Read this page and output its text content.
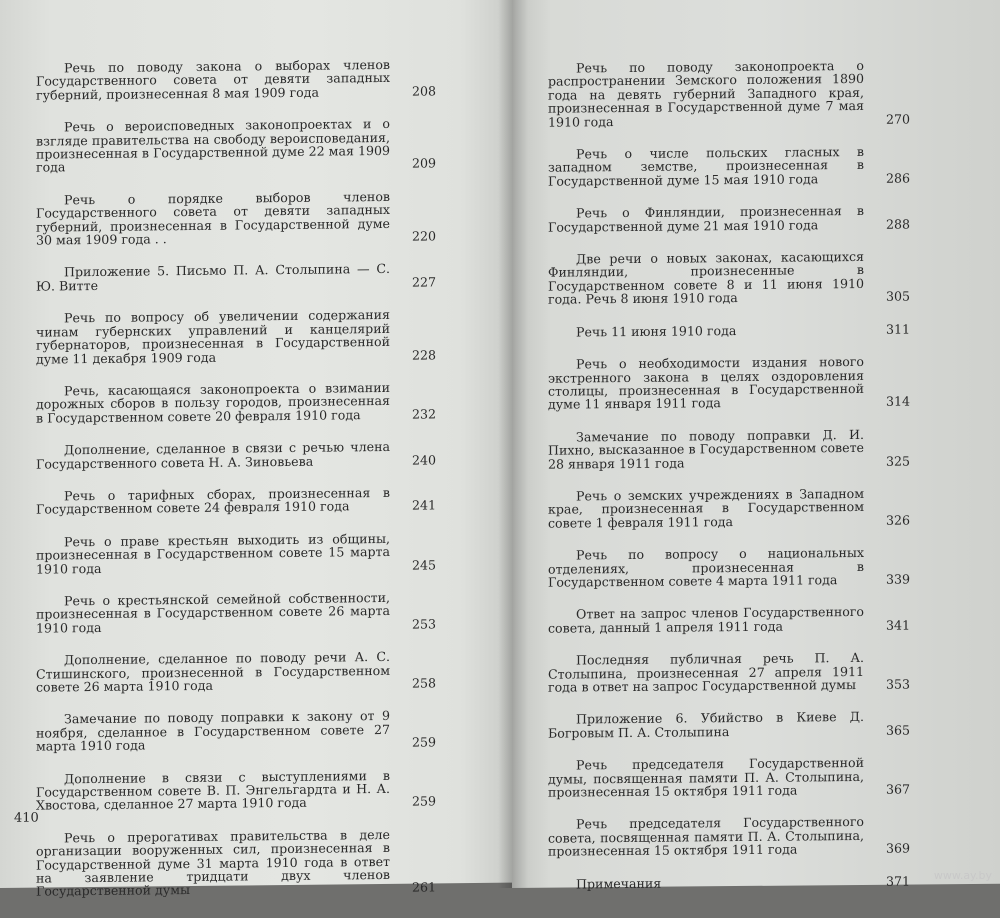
Речь по поводу закона о выборах членов Государственного совета от девяти западных губерний, произнесенная 8 мая 1909 года	208
Речь о вероисповедных законопроектах и о взгляде правительства на свободу вероисповедания, произнесенная в Государственной думе 22 мая 1909 года	209
Речь о порядке выборов членов Государственного совета от девяти западных губерний, произнесенная в Государственной думе 30 мая 1909 года . .	220
Приложение 5. Письмо П. А. Столыпина — С. Ю. Витте	227
Речь по вопросу об увеличении содержания чинам губернских управлений и канцелярий губернаторов, произнесенная в Государственной думе 11 декабря 1909 года	228
Речь, касающаяся законопроекта о взимании дорожных сборов в пользу городов, произнесенная в Государственном совете 20 февраля 1910 года	232
Дополнение, сделанное в связи с речью члена Государственного совета Н. А. Зиновьева	240
Речь о тарифных сборах, произнесенная в Государственном совете 24 февраля 1910 года	241
Речь о праве крестьян выходить из общины, произнесенная в Государственном совете 15 марта 1910 года	245
Речь о крестьянской семейной собственности, произнесенная в Государственном совете 26 марта 1910 года	253
Дополнение, сделанное по поводу речи А. С. Стишинского, произнесенной в Государственном совете 26 марта 1910 года	258
Замечание по поводу поправки к закону от 9 ноября, сделанное в Государственном совете 27 марта 1910 года	259
Дополнение в связи с выступлениями в Государственном совете В. П. Энгельгардта и Н. А. Хвостова, сделанное 27 марта 1910 года	259
Речь о прерогативах правительства в деле организации вооруженных сил, произнесенная в Государственной думе 31 марта 1910 года в ответ на заявление тридцати двух членов Государственной думы	261
410
Речь по поводу законопроекта о распространении Земского положения 1890 года на девять губерний Западного края, произнесенная в Государственной думе 7 мая 1910 года	270
Речь о числе польских гласных в западном земстве, произнесенная в Государственной думе 15 мая 1910 года	286
Речь о Финляндии, произнесенная в Государственной думе 21 мая 1910 года	288
Две речи о новых законах, касающихся Финляндии, произнесенные в Государственном совете 8 и 11 июня 1910 года. Речь 8 июня 1910 года	305
Речь 11 июня 1910 года	311
Речь о необходимости издания нового экстренного закона в целях оздоровления столицы, произнесенная в Государственной думе 11 января 1911 года	314
Замечание по поводу поправки Д. И. Пихно, высказанное в Государственном совете 28 января 1911 года	325
Речь о земских учреждениях в Западном крае, произнесенная в Государственном совете 1 февраля 1911 года	326
Речь по вопросу о национальных отделениях, произнесенная в Государственном совете 4 марта 1911 года	339
Ответ на запрос членов Государственного совета, данный 1 апреля 1911 года	341
Последняя публичная речь П. А. Столыпина, произнесенная 27 апреля 1911 года в ответ на запрос Государственной думы	353
Приложение 6. Убийство в Киеве Д. Богровым П. А. Столыпина	365
Речь председателя Государственной думы, посвященная памяти П. А. Столыпина, произнесенная 15 октября 1911 года	367
Речь председателя Государственного совета, посвященная памяти П. А. Столыпина, произнесенная 15 октября 1911 года	369
Примечания	371 www.ay.by
